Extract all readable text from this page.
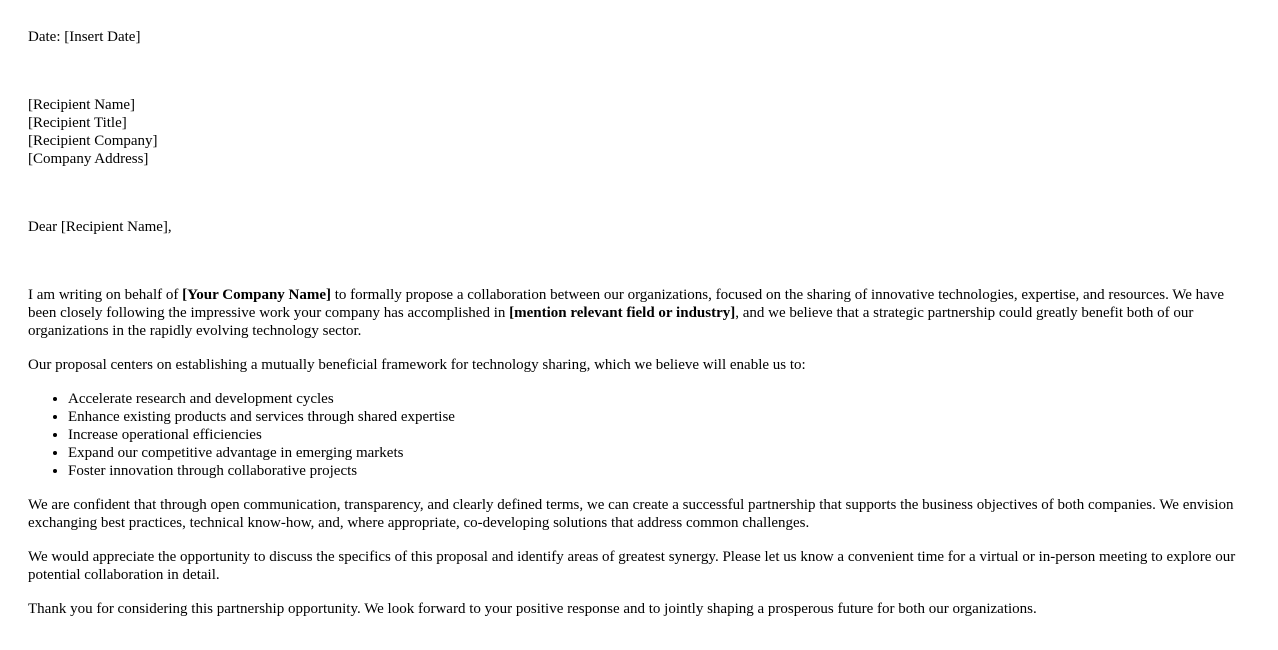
Date: [Insert Date]
[Recipient Name]
[Recipient Title]
[Recipient Company]
[Company Address]
Dear [Recipient Name],

I am writing on behalf of [Your Company Name] to formally propose a collaboration between our organizations, focused on the sharing of innovative technologies, expertise, and resources. We have been closely following the impressive work your company has accomplished in [mention relevant field or industry], and we believe that a strategic partnership could greatly benefit both of our organizations in the rapidly evolving technology sector.

Our proposal centers on establishing a mutually beneficial framework for technology sharing, which we believe will enable us to:

• Accelerate research and development cycles
• Enhance existing products and services through shared expertise
• Increase operational efficiencies
• Expand our competitive advantage in emerging markets
• Foster innovation through collaborative projects

We are confident that through open communication, transparency, and clearly defined terms, we can create a successful partnership that supports the business objectives of both companies. We envision exchanging best practices, technical know-how, and, where appropriate, co-developing solutions that address common challenges.

We would appreciate the opportunity to discuss the specifics of this proposal and identify areas of greatest synergy. Please let us know a convenient time for a virtual or in-person meeting to explore our potential collaboration in detail.

Thank you for considering this partnership opportunity. We look forward to your positive response and to jointly shaping a prosperous future for both our organizations.
